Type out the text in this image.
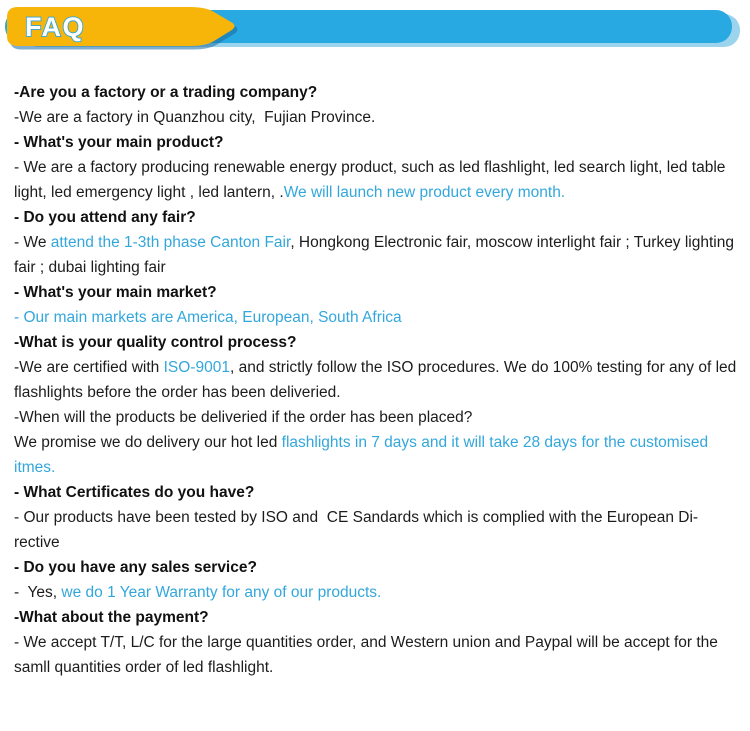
FAQ

-Are you a factory or a trading company?

-We are a factory in Quanzhou city,  Fujian Province.

- What's your main product?

- We are a factory producing renewable energy product, such as led flashlight, led search light, led table light, led emergency light , led lantern, .We will launch new product every month.

- Do you attend any fair?

- We attend the 1-3th phase Canton Fair, Hongkong Electronic fair, moscow interlight fair ; Turkey lighting fair ; dubai lighting fair

- What's your main market?

- Our main markets are America, European, South Africa

-What is your quality control process?

-We are certified with ISO-9001, and strictly follow the ISO procedures. We do 100% testing for any of led flashlights before the order has been deliveried.

-When will the products be deliveried if the order has been placed?

We promise we do delivery our hot led flashlights in 7 days and it will take 28 days for the customised itmes.

- What Certificates do you have?

- Our products have been tested by ISO and  CE Sandards which is complied with the European Di-rective

- Do you have any sales service?

-  Yes, we do 1 Year Warranty for any of our products.

-What about the payment?

- We accept T/T, L/C for the large quantities order, and Western union and Paypal will be accept for the samll quantities order of led flashlight.
